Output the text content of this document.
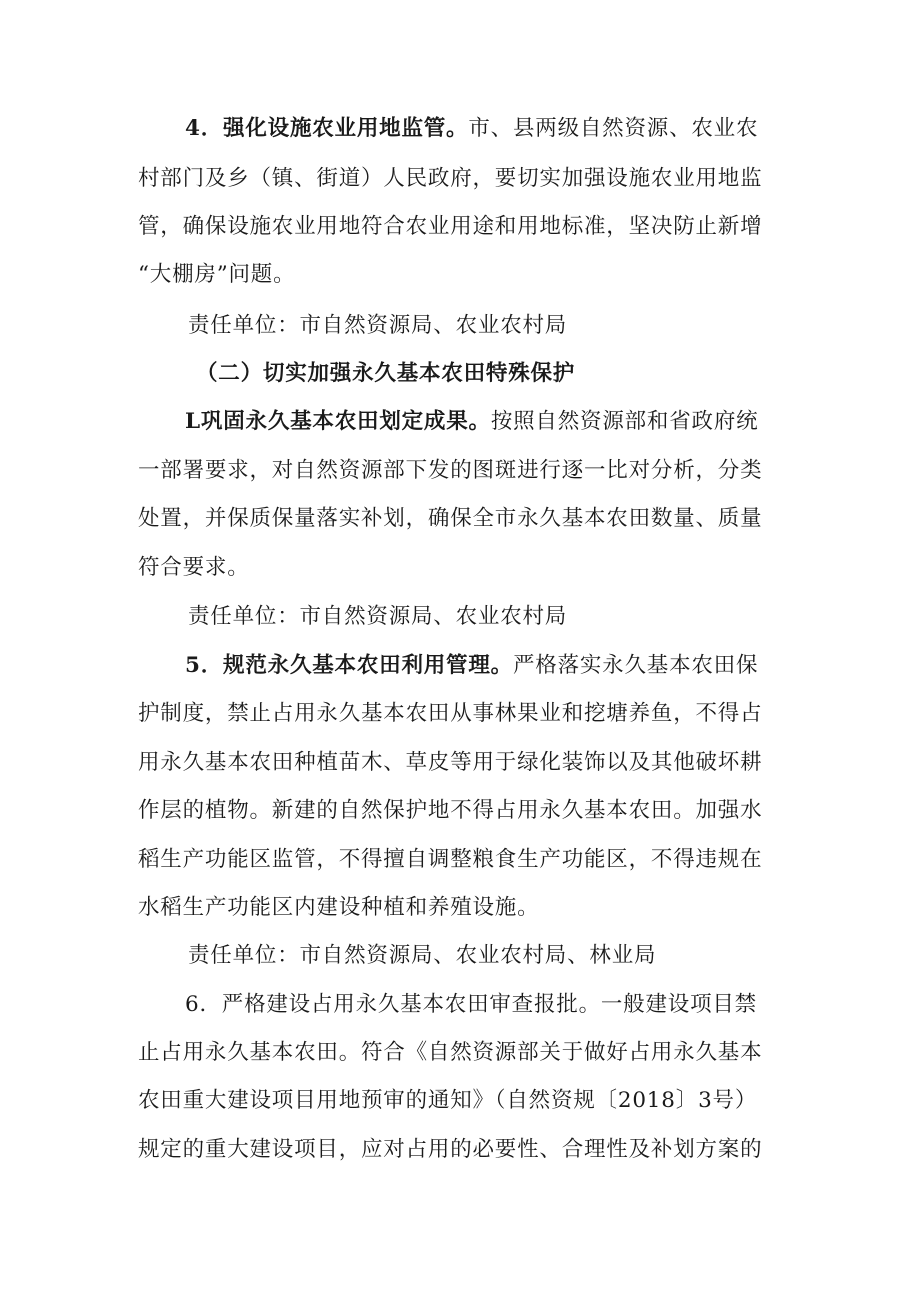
4．强化设施农业用地监管。市、县两级自然资源、农业农
村部门及乡（镇、街道）人民政府，要切实加强设施农业用地监
管，确保设施农业用地符合农业用途和用地标准，坚决防止新增
“大棚房”问题。
责任单位：市自然资源局、农业农村局
（二）切实加强永久基本农田特殊保护
L巩固永久基本农田划定成果。按照自然资源部和省政府统
一部署要求，对自然资源部下发的图斑进行逐一比对分析，分类
处置，并保质保量落实补划，确保全市永久基本农田数量、质量
符合要求。
责任单位：市自然资源局、农业农村局
5．规范永久基本农田利用管理。严格落实永久基本农田保
护制度，禁止占用永久基本农田从事林果业和挖塘养鱼，不得占
用永久基本农田种植苗木、草皮等用于绿化装饰以及其他破坏耕
作层的植物。新建的自然保护地不得占用永久基本农田。加强水
稻生产功能区监管，不得擅自调整粮食生产功能区，不得违规在
水稻生产功能区内建设种植和养殖设施。
责任单位：市自然资源局、农业农村局、林业局
6．严格建设占用永久基本农田审查报批。一般建设项目禁
止占用永久基本农田。符合《自然资源部关于做好占用永久基本
农田重大建设项目用地预审的通知》（自然资规〔2018〕3号）
规定的重大建设项目，应对占用的必要性、合理性及补划方案的
